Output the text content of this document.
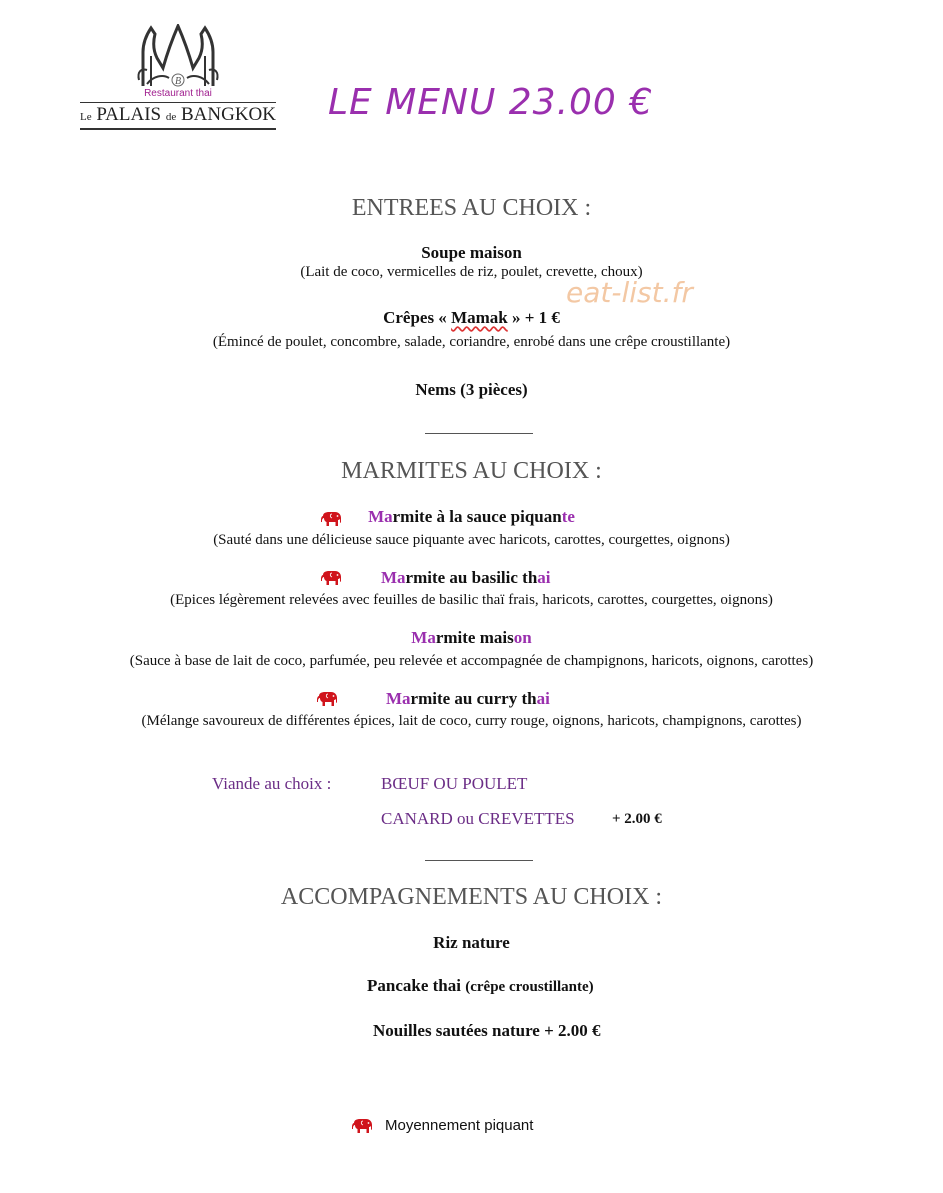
B
Restaurant thai
Le PALAIS de BANGKOK LE MENU 23.00 €
ENTREES AU CHOIX :
Soupe maison
(Lait de coco, vermicelles de riz, poulet, crevette, choux)
eat-list.fr
Crêpes « Mamak » + 1 €
(Émincé de poulet, concombre, salade, coriandre, enrobé dans une crêpe croustillante)
Nems (3 pièces)
MARMITES AU CHOIX :
Marmite à la sauce piquante
(Sauté dans une délicieuse sauce piquante avec haricots, carottes, courgettes, oignons)
Marmite au basilic thai
(Epices légèrement relevées avec feuilles de basilic thaï frais, haricots, carottes, courgettes, oignons)
Marmite maison
(Sauce à base de lait de coco, parfumée, peu relevée et accompagnée de champignons, haricots, oignons, carottes)
Marmite au curry thai
(Mélange savoureux de différentes épices, lait de coco, curry rouge, oignons, haricots, champignons, carottes)
Viande au choix :	BŒUF OU POULET
CANARD ou CREVETTES + 2.00 €
ACCOMPAGNEMENTS AU CHOIX :
Riz nature
Pancake thai (crêpe croustillante)
Nouilles sautées nature + 2.00 €
Moyennement piquant
